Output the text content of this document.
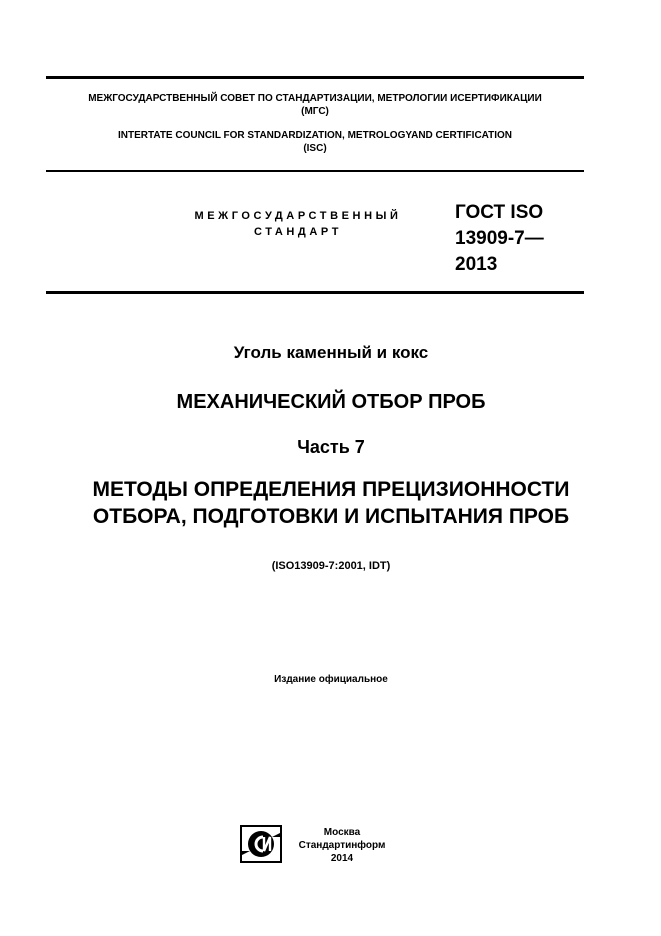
МЕЖГОСУДАРСТВЕННЫЙ СОВЕТ ПО СТАНДАРТИЗАЦИИ, МЕТРОЛОГИИ ИСЕРТИФИКАЦИИ
(МГС)
INTERTATE COUNCIL FOR STANDARDIZATION, METROLOGYAND CERTIFICATION
(ISC)
МЕЖГОСУДАРСТВЕННЫЙ
СТАНДАРТ
ГОСТ ISO
13909-7—
2013
Уголь каменный и кокс
МЕХАНИЧЕСКИЙ ОТБОР ПРОБ
Часть 7
МЕТОДЫ ОПРЕДЕЛЕНИЯ ПРЕЦИЗИОННОСТИ
ОТБОРА, ПОДГОТОВКИ И ИСПЫТАНИЯ ПРОБ
(ISO13909-7:2001, IDT)
Издание официальное
Москва
Стандартинформ
2014
